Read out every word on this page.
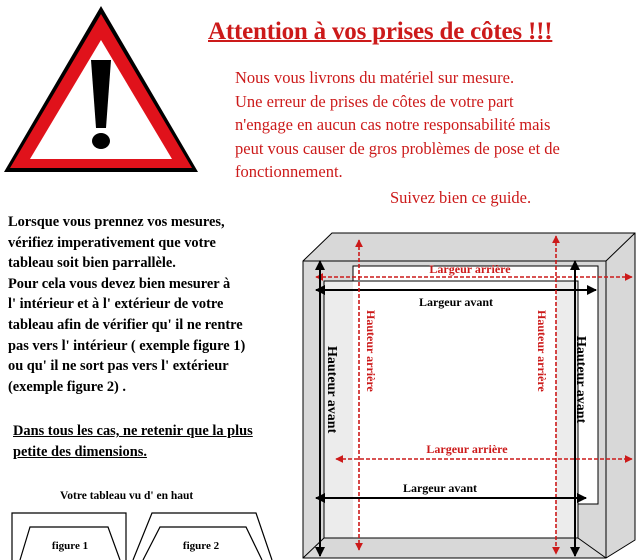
Attention à vos prises de côtes !!!
Nous vous livrons du matériel sur mesure.
Une erreur de prises de côtes de votre part
n'engage en aucun cas notre responsabilité mais
peut vous causer de gros problèmes de pose et de
fonctionnement.
Suivez bien ce guide.
Lorsque vous prennez vos mesures,
vérifiez imperativement que votre
tableau soit bien parrallèle.
Pour cela vous devez bien mesurer à
l' intérieur et à l' extérieur de votre
tableau afin de vérifier qu' il ne rentre
pas vers l' intérieur ( exemple figure 1)
ou qu' il ne sort pas vers l' extérieur
(exemple figure 2) .
Dans tous les cas, ne retenir que la plus
petite des dimensions.
Votre tableau vu d' en haut
figure 1	figure 2
Largeur arrière
Largeur avant
Hauteur arrière	Hauteur arrière
Hauteur avant	Hauteur avant
Largeur arrière
Largeur avant
